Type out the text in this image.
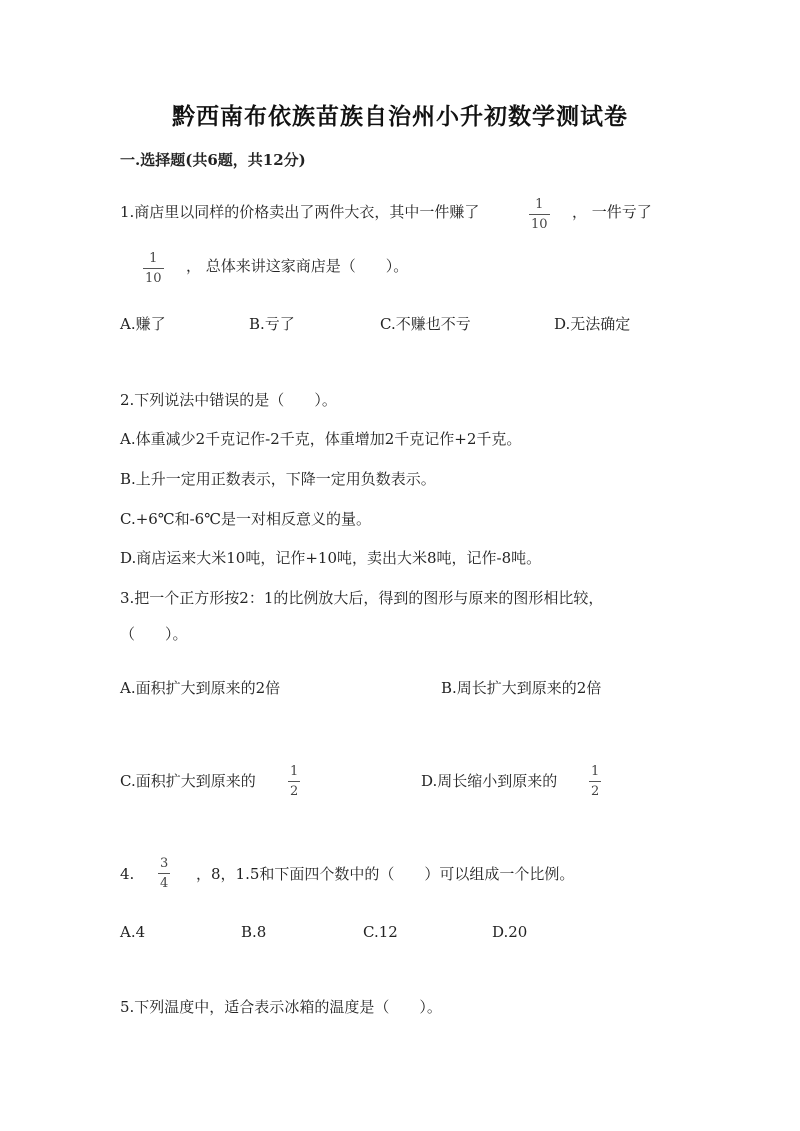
黔西南布依族苗族自治州小升初数学测试卷
一.选择题(共6题，共12分)
1.商店里以同样的价格卖出了两件大衣，其中一件赚了	1
10
， 一件亏了
1
10
， 总体来讲这家商店是（　　）。
A.赚了	B.亏了	C.不赚也不亏	D.无法确定
2.下列说法中错误的是（　　）。
A.体重减少2千克记作-2千克，体重增加2千克记作+2千克。
B.上升一定用正数表示，下降一定用负数表示。
C.+6℃和-6℃是一对相反意义的量。
D.商店运来大米10吨，记作+10吨，卖出大米8吨，记作-8吨。
3.把一个正方形按2：1的比例放大后，得到的图形与原来的图形相比较，
（　　）。
A.面积扩大到原来的2倍	B.周长扩大到原来的2倍
C.面积扩大到原来的
1
2
D.周长缩小到原来的
1
2
4.
3
4
，8，1.5和下面四个数中的（　　）可以组成一个比例。
A.4	B.8	C.12	D.20
5.下列温度中，适合表示冰箱的温度是（　　）。
